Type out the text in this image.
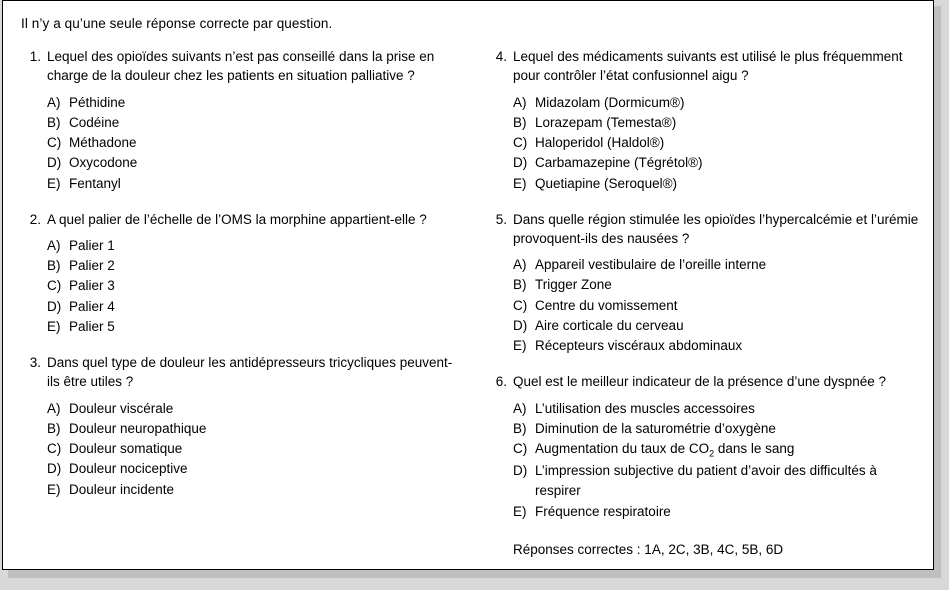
Il n’y a qu’une seule réponse correcte par question.
1. Lequel des opioïdes suivants n’est pas conseillé dans la prise en charge de la douleur chez les patients en situation palliative ?
A) Péthidine
B) Codéine
C) Méthadone
D) Oxycodone
E) Fentanyl
2. A quel palier de l’échelle de l’OMS la morphine appartient-elle ?
A) Palier 1
B) Palier 2
C) Palier 3
D) Palier 4
E) Palier 5
3. Dans quel type de douleur les antidépresseurs tricycliques peuvent-ils être utiles ?
A) Douleur viscérale
B) Douleur neuropathique
C) Douleur somatique
D) Douleur nociceptive
E) Douleur incidente
4. Lequel des médicaments suivants est utilisé le plus fréquemment pour contrôler l’état confusionnel aigu ?
A) Midazolam (Dormicum®)
B) Lorazepam (Temesta®)
C) Haloperidol (Haldol®)
D) Carbamazepine (Tégrétol®)
E) Quetiapine (Seroquel®)
5. Dans quelle région stimulée les opioïdes l’hypercalcémie et l’urémie provoquent-ils des nausées ?
A) Appareil vestibulaire de l’oreille interne
B) Trigger Zone
C) Centre du vomissement
D) Aire corticale du cerveau
E) Récepteurs viscéraux abdominaux
6. Quel est le meilleur indicateur de la présence d’une dyspnée ?
A) L’utilisation des muscles accessoires
B) Diminution de la saturométrie d’oxygène
C) Augmentation du taux de $CO_2$ dans le sang
D) L’impression subjective du patient d’avoir des difficultés à respirer
E) Fréquence respiratoire
Réponses correctes : 1A, 2C, 3B, 4C, 5B, 6D
